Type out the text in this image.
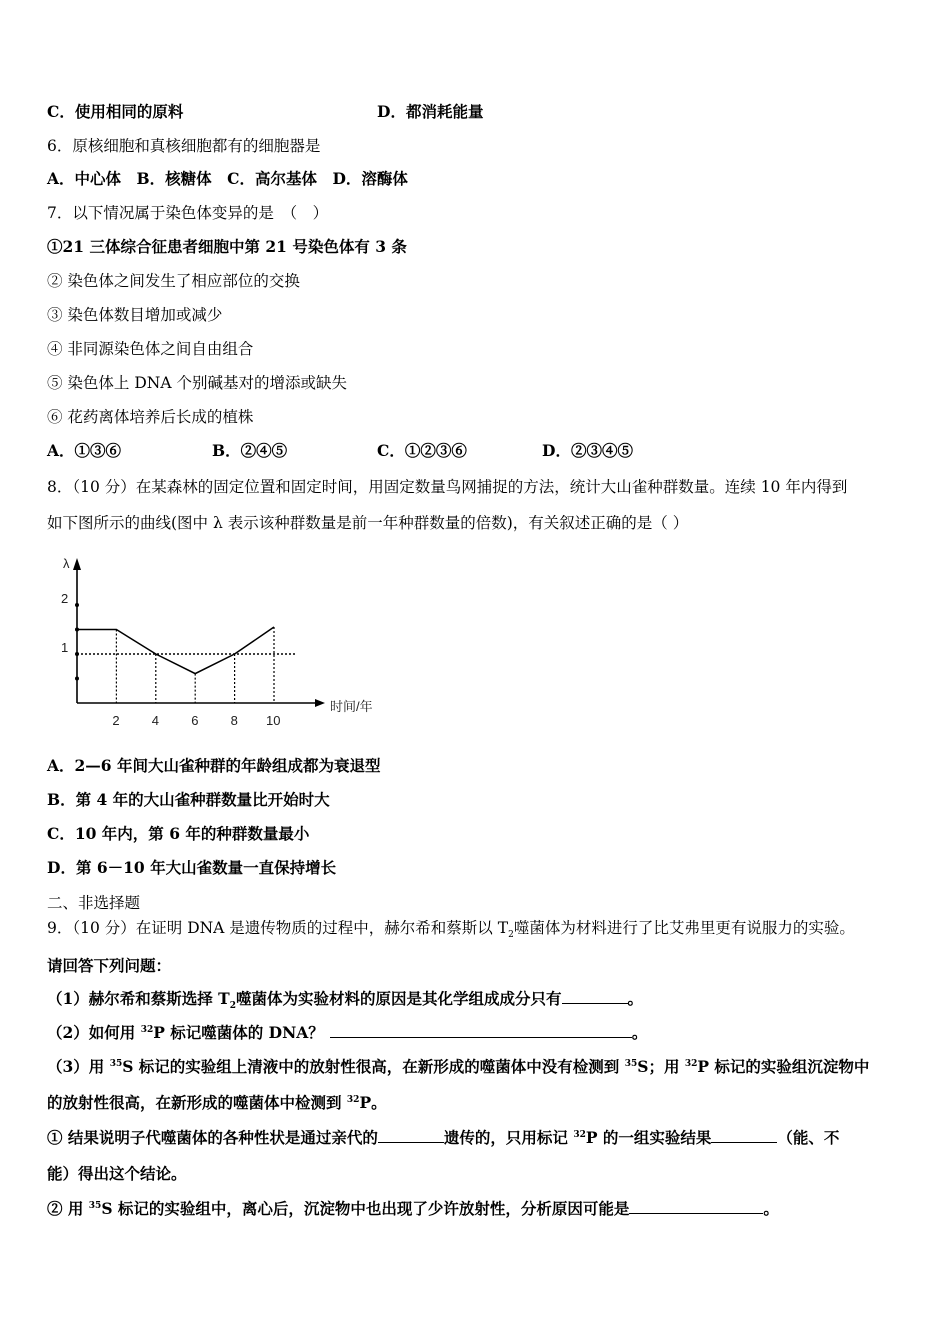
C．使用相同的原料	D．都消耗能量
6．原核细胞和真核细胞都有的细胞器是
A．中心体　B．核糖体　C．高尔基体　D．溶酶体
7．以下情况属于染色体变异的是　（　）
①21 三体综合征患者细胞中第 21 号染色体有 3 条
② 染色体之间发生了相应部位的交换
③ 染色体数目增加或减少
④ 非同源染色体之间自由组合
⑤ 染色体上 DNA 个别碱基对的增添或缺失
⑥ 花药离体培养后长成的植株
A．①③⑥	B．②④⑤	C．①②③⑥	D．②③④⑤
8．（10 分）在某森林的固定位置和固定时间，用固定数量鸟网捕捉的方法，统计大山雀种群数量。连续 10 年内得到
如下图所示的曲线(图中 λ 表示该种群数量是前一年种群数量的倍数)，有关叙述正确的是（ ）
λ
时间/年
2
1
2 4 6 8 10
A．2—6 年间大山雀种群的年龄组成都为衰退型
B．第 4 年的大山雀种群数量比开始时大
C．10 年内，第 6 年的种群数量最小
D．第 6－10 年大山雀数量一直保持增长
二、非选择题
9．（10 分）在证明 DNA 是遗传物质的过程中，赫尔希和蔡斯以 $T_2$噬菌体为材料进行了比艾弗里更有说服力的实验。
请回答下列问题：
（1）赫尔希和蔡斯选择 $T_2$噬菌体为实验材料的原因是其化学组成成分只有	。
（2）如何用 $^{32}$P 标记噬菌体的 DNA？	。
（3）用 $^{35}$S 标记的实验组上清液中的放射性很高，在新形成的噬菌体中没有检测到 $^{35}$S；用 $^{32}$P 标记的实验组沉淀物中
的放射性很高，在新形成的噬菌体中检测到 $^{32}$P。
① 结果说明子代噬菌体的各种性状是通过亲代的	遗传的，只用标记 $^{32}$P 的一组实验结果	（能、不
能）得出这个结论。
② 用 $^{35}$S 标记的实验组中，离心后，沉淀物中也出现了少许放射性，分析原因可能是	。
